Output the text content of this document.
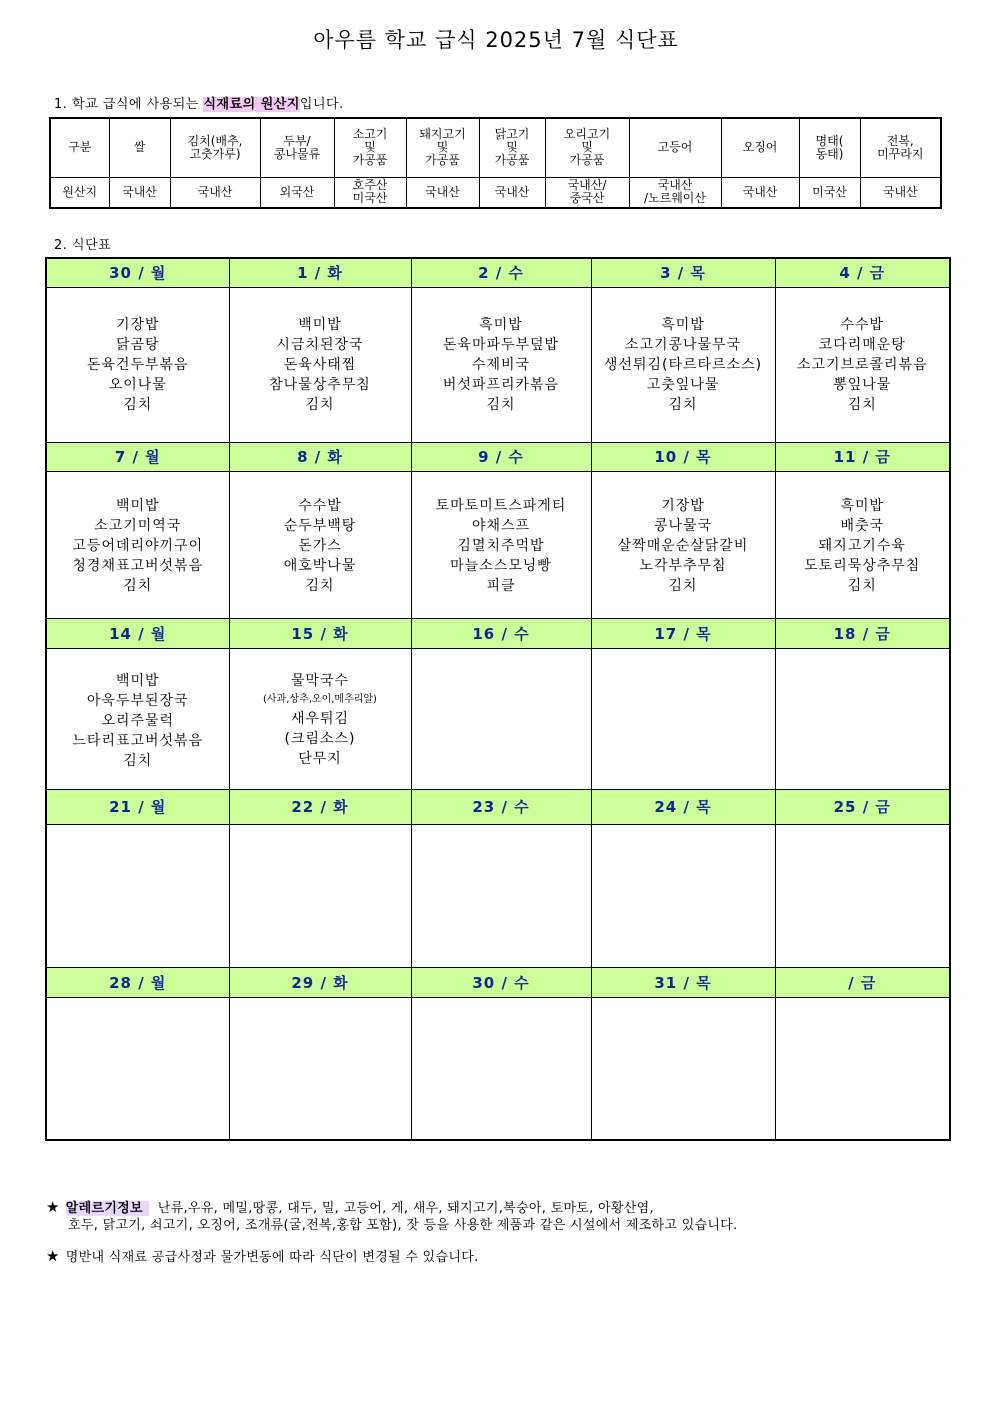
아우름 학교 급식 2025년 7월 식단표
1. 학교 급식에 사용되는 식재료의 원산지입니다.
구분	쌀	김치(배추,
고춧가루)	두부/
콩나물류	소고기
및
가공품	돼지고기
및
가공품	닭고기
및
가공품	오리고기
및
가공품	고등어	오징어	명태(
동태)	전복,
미꾸라지
원산지	국내산	국내산	외국산	호주산
미국산	국내산	국내산	국내산/
중국산	국내산
/노르웨이산	국내산	미국산	국내산
2. 식단표
30 / 월	1 / 화	2 / 수	3 / 목	4 / 금

기장밥
닭곰탕
돈육건두부볶음
오이나물
김치	백미밥
시금치된장국
돈육사태찜
참나물상추무침
김치	흑미밥
돈육마파두부덮밥
수제비국
버섯파프리카볶음
김치	흑미밥
소고기콩나물무국
생선튀김(타르타르소스)
고춧잎나물
김치	수수밥
코다리매운탕
소고기브로콜리볶음
뽕잎나물
김치

7 / 월	8 / 화	9 / 수	10 / 목	11 / 금

백미밥
소고기미역국
고등어데리야끼구이
청경채표고버섯볶음
김치	수수밥
순두부백탕
돈가스
애호박나물
김치	토마토미트스파게티
야채스프
김멸치주먹밥
마늘소스모닝빵
피클	기장밥
콩나물국
살짝매운순살닭갈비
노각부추무침
김치	흑미밥
배춧국
돼지고기수육
도토리묵상추무침
김치

14 / 월	15 / 화	16 / 수	17 / 목	18 / 금

백미밥
아욱두부된장국
오리주물럭
느타리표고버섯볶음
김치	물막국수
(사과,상추,오이,메추리알)
새우튀김
(크림소스)
단무지			

21 / 월	22 / 화	23 / 수	24 / 목	25 / 금

28 / 월	29 / 화	30 / 수	31 / 목	/ 금

★ 알레르기정보 난류,우유, 메밀,땅콩, 대두, 밀, 고등어, 게, 새우, 돼지고기,복숭아, 토마토, 아황산염,
호두, 닭고기, 쇠고기, 오징어, 조개류(굴,전복,홍합 포함), 잣 등을 사용한 제품과 같은 시설에서 제조하고 있습니다.
★ 명반내 식재료 공급사정과 물가변동에 따라 식단이 변경될 수 있습니다.
